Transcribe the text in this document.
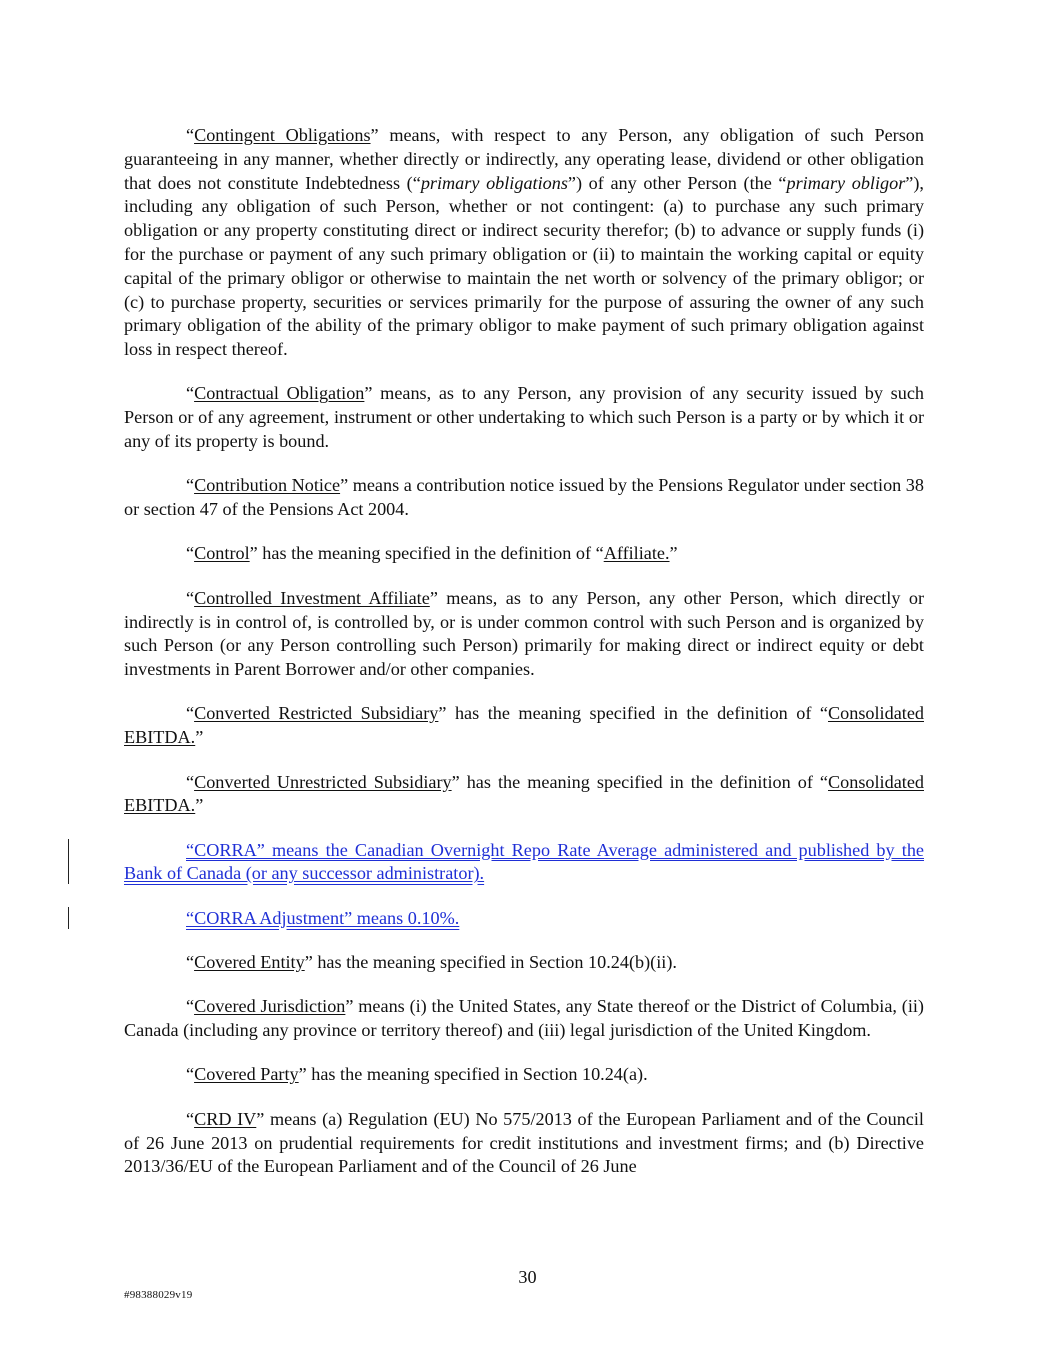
“Contingent Obligations” means, with respect to any Person, any obligation of such Person guaranteeing in any manner, whether directly or indirectly, any operating lease, dividend or other obligation that does not constitute Indebtedness (“primary obligations”) of any other Person (the “primary obligor”), including any obligation of such Person, whether or not contingent: (a) to purchase any such primary obligation or any property constituting direct or indirect security therefor; (b) to advance or supply funds (i) for the purchase or payment of any such primary obligation or (ii) to maintain the working capital or equity capital of the primary obligor or otherwise to maintain the net worth or solvency of the primary obligor; or (c) to purchase property, securities or services primarily for the purpose of assuring the owner of any such primary obligation of the ability of the primary obligor to make payment of such primary obligation against loss in respect thereof.

“Contractual Obligation” means, as to any Person, any provision of any security issued by such Person or of any agreement, instrument or other undertaking to which such Person is a party or by which it or any of its property is bound.

“Contribution Notice” means a contribution notice issued by the Pensions Regulator under section 38 or section 47 of the Pensions Act 2004.

“Control” has the meaning specified in the definition of “Affiliate.”

“Controlled Investment Affiliate” means, as to any Person, any other Person, which directly or indirectly is in control of, is controlled by, or is under common control with such Person and is organized by such Person (or any Person controlling such Person) primarily for making direct or indirect equity or debt investments in Parent Borrower and/or other companies.

“Converted Restricted Subsidiary” has the meaning specified in the definition of “Consolidated EBITDA.”

“Converted Unrestricted Subsidiary” has the meaning specified in the definition of “Consolidated EBITDA.”

“CORRA” means the Canadian Overnight Repo Rate Average administered and published by the Bank of Canada (or any successor administrator).

“CORRA Adjustment” means 0.10%.

“Covered Entity” has the meaning specified in Section 10.24(b)(ii).

“Covered Jurisdiction” means (i) the United States, any State thereof or the District of Columbia, (ii) Canada (including any province or territory thereof) and (iii) legal jurisdiction of the United Kingdom.

“Covered Party” has the meaning specified in Section 10.24(a).

“CRD IV” means (a) Regulation (EU) No 575/2013 of the European Parliament and of the Council of 26 June 2013 on prudential requirements for credit institutions and investment firms; and (b) Directive 2013/36/EU of the European Parliament and of the Council of 26 June

30
#98388029v19
